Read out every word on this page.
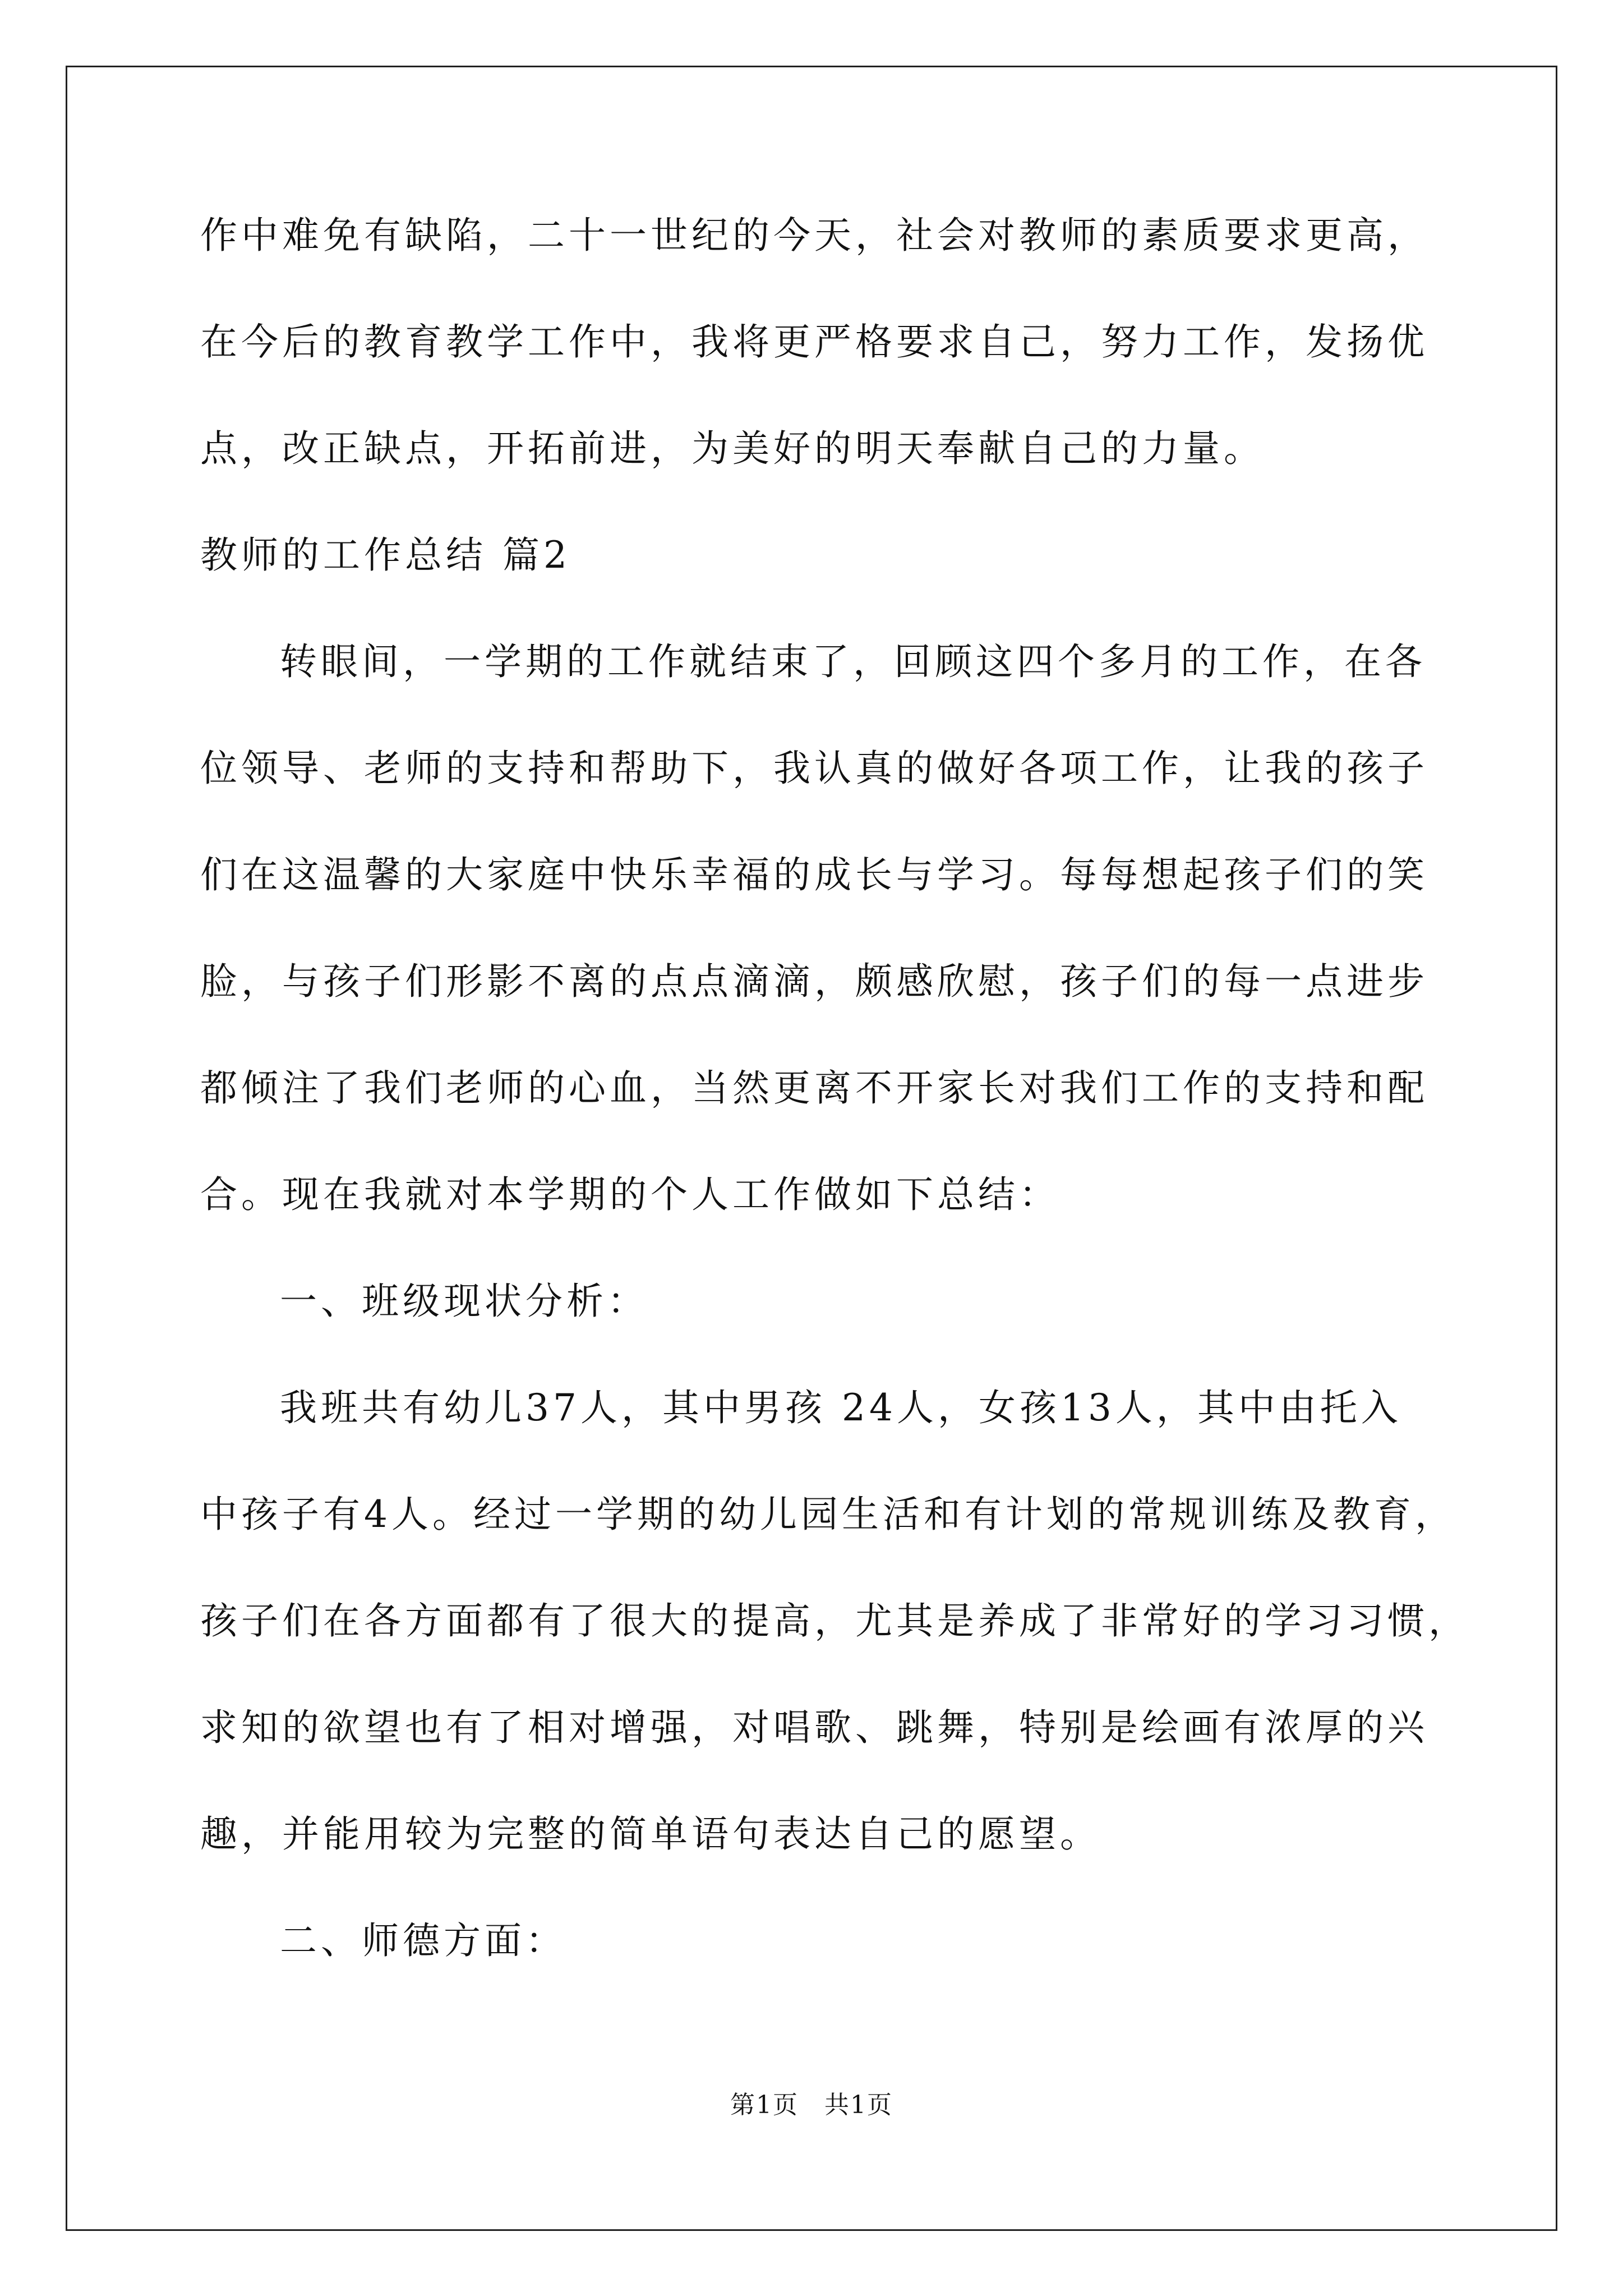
作中难免有缺陷，二十一世纪的今天，社会对教师的素质要求更高，
在今后的教育教学工作中，我将更严格要求自己，努力工作，发扬优
点，改正缺点，开拓前进，为美好的明天奉献自己的力量。
教师的工作总结 篇2
转眼间，一学期的工作就结束了，回顾这四个多月的工作，在各
位领导、老师的支持和帮助下，我认真的做好各项工作，让我的孩子
们在这温馨的大家庭中快乐幸福的成长与学习。每每想起孩子们的笑
脸，与孩子们形影不离的点点滴滴，颇感欣慰，孩子们的每一点进步
都倾注了我们老师的心血，当然更离不开家长对我们工作的支持和配
合。现在我就对本学期的个人工作做如下总结：
一、班级现状分析：
我班共有幼儿37人，其中男孩 24人，女孩13人，其中由托入
中孩子有4人。经过一学期的幼儿园生活和有计划的常规训练及教育，
孩子们在各方面都有了很大的提高，尤其是养成了非常好的学习习惯，
求知的欲望也有了相对增强，对唱歌、跳舞，特别是绘画有浓厚的兴
趣，并能用较为完整的简单语句表达自己的愿望。
二、师德方面：
第1页　共1页
